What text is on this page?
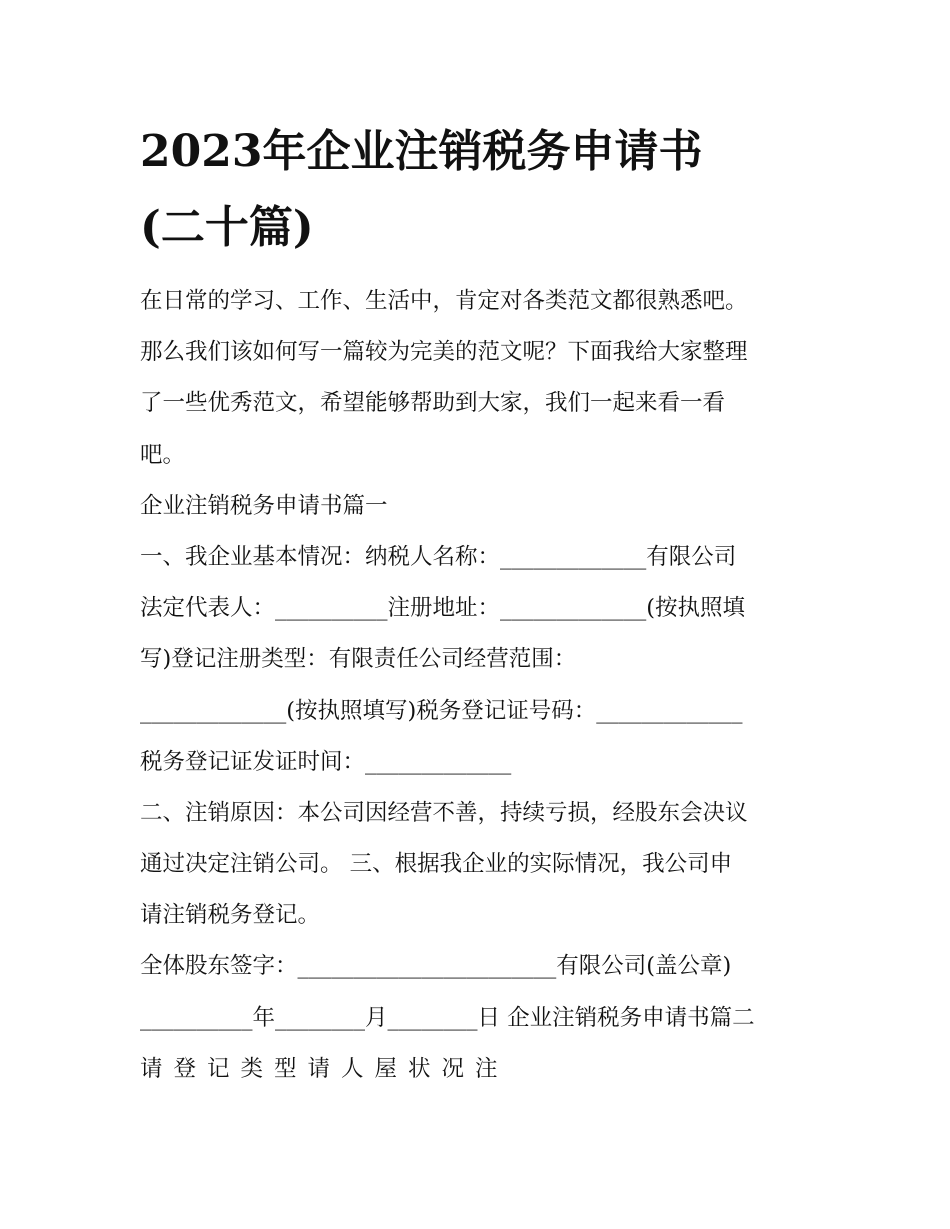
2023年企业注销税务申请书
(二十篇)
在日常的学习、工作、生活中，肯定对各类范文都很熟悉吧。
那么我们该如何写一篇较为完美的范文呢？下面我给大家整理
了一些优秀范文，希望能够帮助到大家，我们一起来看一看
吧。
企业注销税务申请书篇一
一、我企业基本情况：纳税人名称：_____________有限公司
法定代表人：__________注册地址：_____________(按执照填
写)登记注册类型：有限责任公司经营范围：
_____________(按执照填写)税务登记证号码：_____________
税务登记证发证时间：_____________
二、注销原因：本公司因经营不善，持续亏损，经股东会决议
通过决定注销公司。 三、根据我企业的实际情况，我公司申
请注销税务登记。
全体股东签字：_______________________有限公司(盖公章)
__________年________月________日 企业注销税务申请书篇二
请登记类型请人屋状况注
